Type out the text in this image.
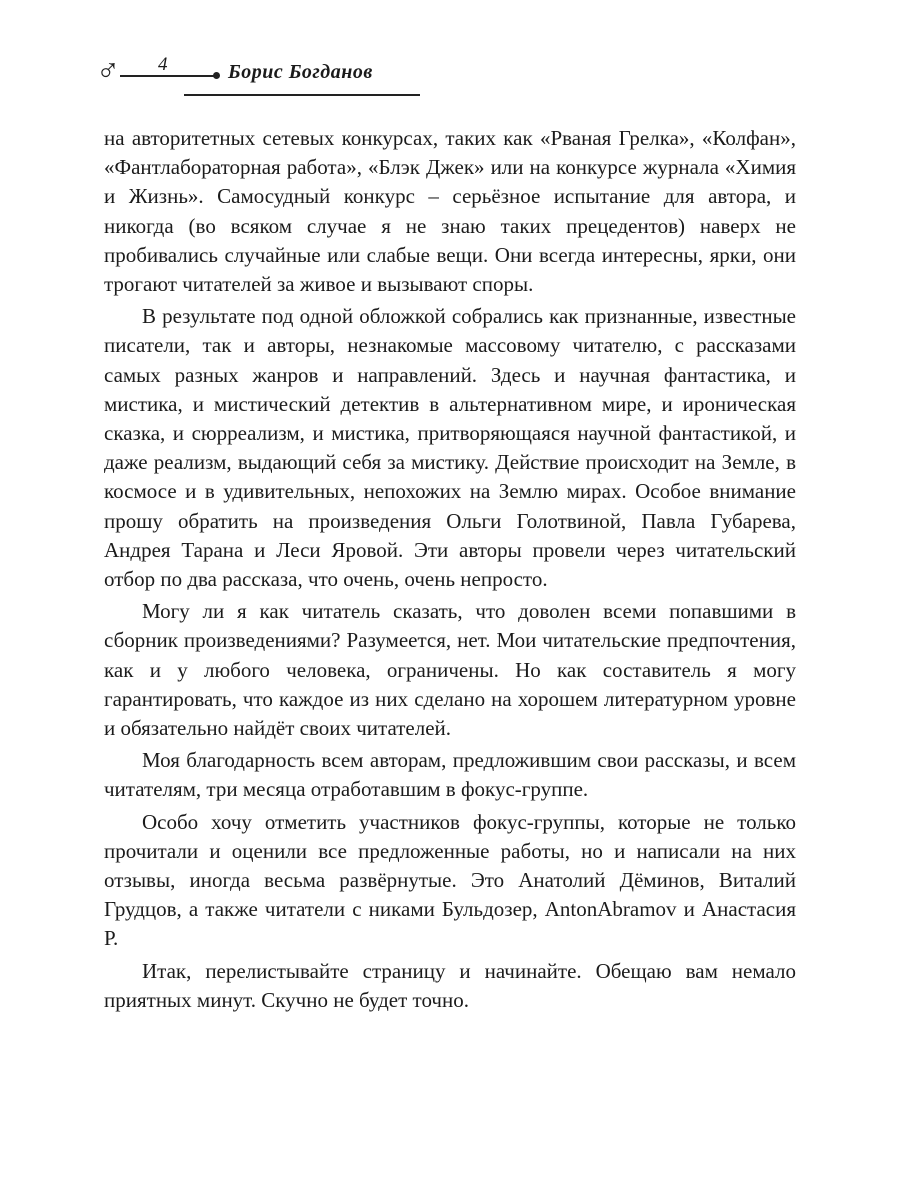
♂ 4	Борис Богданов

на авторитетных сетевых конкурсах, таких как «Рваная Грелка», «Колфан», «Фантлабораторная работа», «Блэк Джек» или на конкурсе журнала «Химия и Жизнь». Самосудный конкурс – серьёзное испытание для автора, и никогда (во всяком случае я не знаю таких прецедентов) наверх не пробивались случайные или слабые вещи. Они всегда интересны, ярки, они трогают читателей за живое и вызывают споры.

В результате под одной обложкой собрались как признанные, известные писатели, так и авторы, незнакомые массовому читателю, с рассказами самых разных жанров и направлений. Здесь и научная фантастика, и мистика, и мистический детектив в альтернативном мире, и ироническая сказка, и сюрреализм, и мистика, притворяющаяся научной фантастикой, и даже реализм, выдающий себя за мистику. Действие происходит на Земле, в космосе и в удивительных, непохожих на Землю мирах. Особое внимание прошу обратить на произведения Ольги Голотвиной, Павла Губарева, Андрея Тарана и Леси Яровой. Эти авторы провели через читательский отбор по два рассказа, что очень, очень непросто.

Могу ли я как читатель сказать, что доволен всеми попавшими в сборник произведениями? Разумеется, нет. Мои читательские предпочтения, как и у любого человека, ограничены. Но как составитель я могу гарантировать, что каждое из них сделано на хорошем литературном уровне и обязательно найдёт своих читателей.

Моя благодарность всем авторам, предложившим свои рассказы, и всем читателям, три месяца отработавшим в фокус-группе.

Особо хочу отметить участников фокус-группы, которые не только прочитали и оценили все предложенные работы, но и написали на них отзывы, иногда весьма развёрнутые. Это Анатолий Дёминов, Виталий Грудцов, а также читатели с никами Бульдозер, AntonAbramov и Анастасия Р.

Итак, перелистывайте страницу и начинайте. Обещаю вам немало приятных минут. Скучно не будет точно.
